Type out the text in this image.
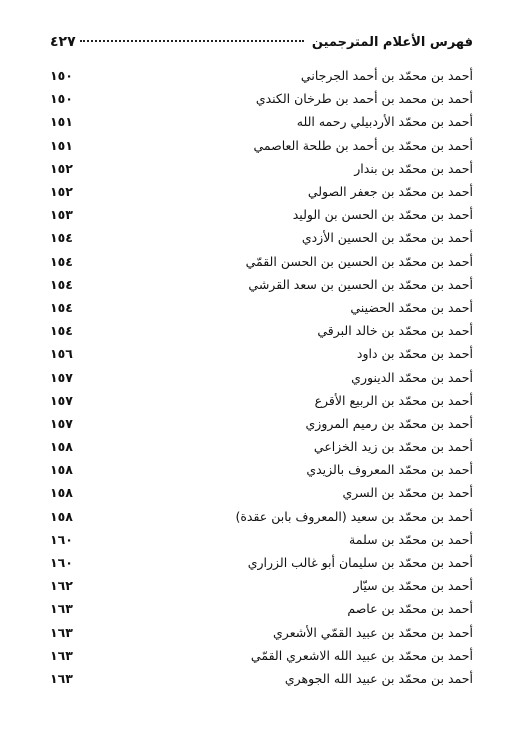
فهرس الأعلام المترجمين
٤٢٧
أحمد بن محمّد بن أحمد الجرجاني
١٥٠
أحمد بن محمد بن أحمد بن طرخان الكندي
١٥٠
أحمد بن محمّد الأردبيلي رحمه الله
١٥١
أحمد بن محمّد بن أحمد بن طلحة العاصمي
١٥١
أحمد بن محمّد بن بندار
١٥٢
أحمد بن محمّد بن جعفر الصولي
١٥٢
أحمد بن محمّد بن الحسن بن الوليد
١٥٣
أحمد بن محمّد بن الحسين الأزدي
١٥٤
أحمد بن محمّد بن الحسين بن الحسن القمّي
١٥٤
أحمد بن محمّد بن الحسين بن سعد القرشي
١٥٤
أحمد بن محمّد الحضيني
١٥٤
أحمد بن محمّد بن خالد البرقي
١٥٤
أحمد بن محمّد بن داود
١٥٦
أحمد بن محمّد الدينوري
١٥٧
أحمد بن محمّد بن الربيع الأقرع
١٥٧
أحمد بن محمّد بن رميم المروزي
١٥٧
أحمد بن محمّد بن زيد الخزاعي
١٥٨
أحمد بن محمّد المعروف بالزيدي
١٥٨
أحمد بن محمّد بن السري
١٥٨
أحمد بن محمّد بن سعيد (المعروف بابن عقدة)
١٥٨
أحمد بن محمّد بن سلمة
١٦٠
أحمد بن محمّد بن سليمان أبو غالب الزراري
١٦٠
أحمد بن محمّد بن سيّار
١٦٢
أحمد بن محمّد بن عاصم
١٦٣
أحمد بن محمّد بن عبيد القمّي الأشعري
١٦٣
أحمد بن محمّد بن عبيد الله الاشعري القمّي
١٦٣
أحمد بن محمّد بن عبيد الله الجوهري
١٦٣
